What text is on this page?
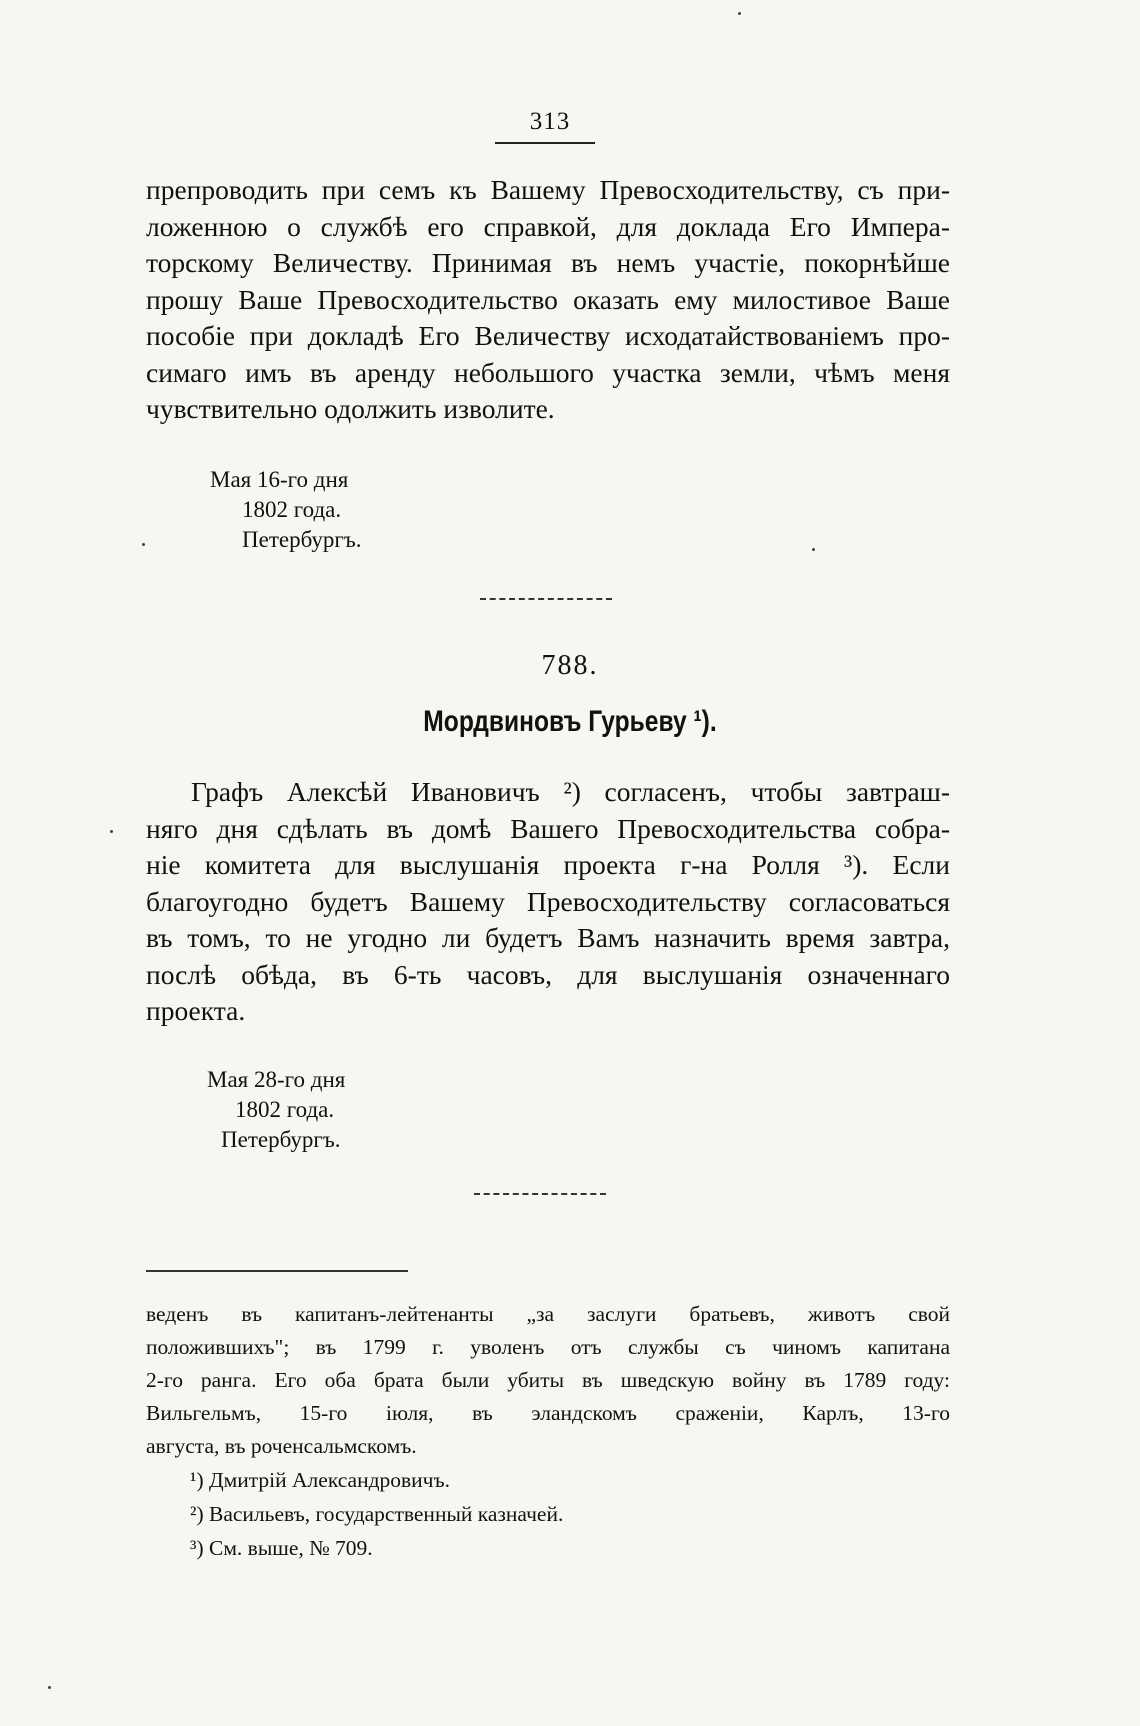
313

препроводить при семъ къ Вашему Превосходительству, съ при-
ложенною о службѣ его справкой, для доклада Его Импера-
торскому Величеству. Принимая въ немъ участіе, покорнѣйше
прошу Ваше Превосходительство оказать ему милостивое Ваше
пособіе при докладѣ Его Величеству исходатайствованіемъ про-
симаго имъ въ аренду небольшого участка земли, чѣмъ меня
чувствительно одолжить изволите.

Мая 16-го дня
1802 года.
Петербургъ.
788.
Мордвиновъ Гурьеву ¹).

Графъ Алексѣй Ивановичъ ²) согласенъ, чтобы завтраш-
няго дня сдѣлать въ домѣ Вашего Превосходительства собра-
ніе комитета для выслушанія проекта г-на Ролля ³). Если
благоугодно будетъ Вашему Превосходительству согласоваться
въ томъ, то не угодно ли будетъ Вамъ назначить время завтра,
послѣ обѣда, въ 6-ть часовъ, для выслушанія означеннаго
проекта.

Мая 28-го дня
1802 года.
Петербургъ.
веденъ въ капитанъ-лейтенанты „за заслуги братьевъ, животъ свой
положившихъ"; въ 1799 г. уволенъ отъ службы съ чиномъ капитана
2-го ранга. Его оба брата были убиты въ шведскую войну въ 1789 году:
Вильгельмъ, 15-го іюля, въ эландскомъ сраженіи, Карлъ, 13-го
августа, въ роченсальмскомъ.
¹) Дмитрій Александровичъ.
²) Васильевъ, государственный казначей.
³) См. выше, № 709.
